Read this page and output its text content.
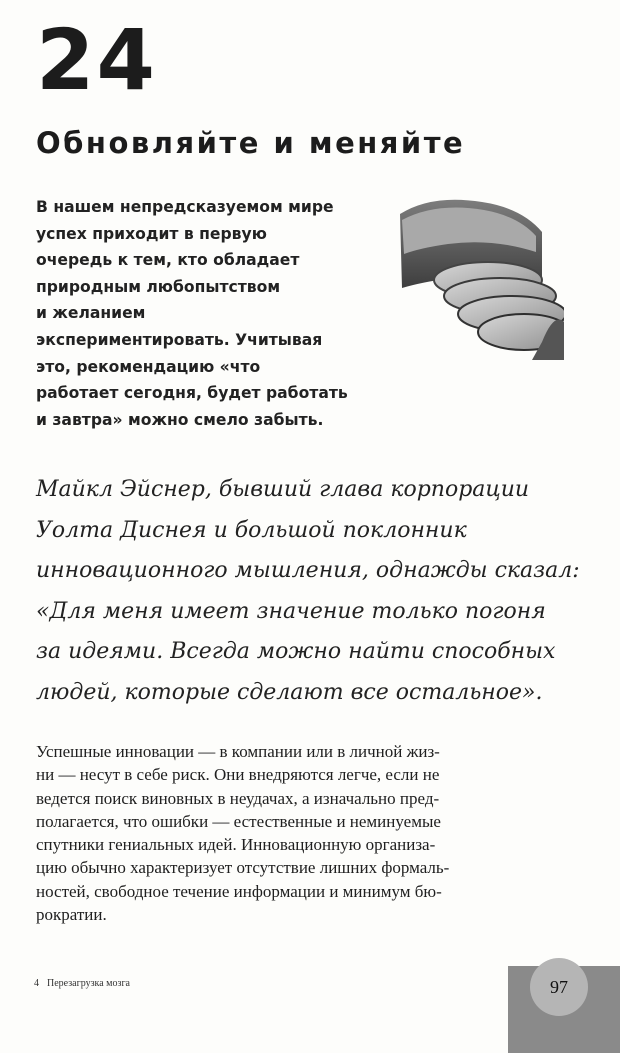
24
Обновляйте и меняйте
В нашем непредсказуемом мире
успех приходит в первую
очередь к тем, кто обладает
природным любопытством
и желанием
экспериментировать. Учитывая
это, рекомендацию «что
работает сегодня, будет работать
и завтра» можно смело забыть.
Майкл Эйснер, бывший глава корпорации
Уолта Диснея и большой поклонник
инновационного мышления, однажды сказал:
«Для меня имеет значение только погоня
за идеями. Всегда можно найти способных
людей, которые сделают все остальное».
Успешные инновации — в компании или в личной жиз-
ни — несут в себе риск. Они внедряются легче, если не
ведется поиск виновных в неудачах, а изначально пред-
полагается, что ошибки — естественные и неминуемые
спутники гениальных идей. Инновационную организа-
цию обычно характеризует отсутствие лишних формаль-
ностей, свободное течение информации и минимум бю-
рократии.
4 Перезагрузка мозга	97
